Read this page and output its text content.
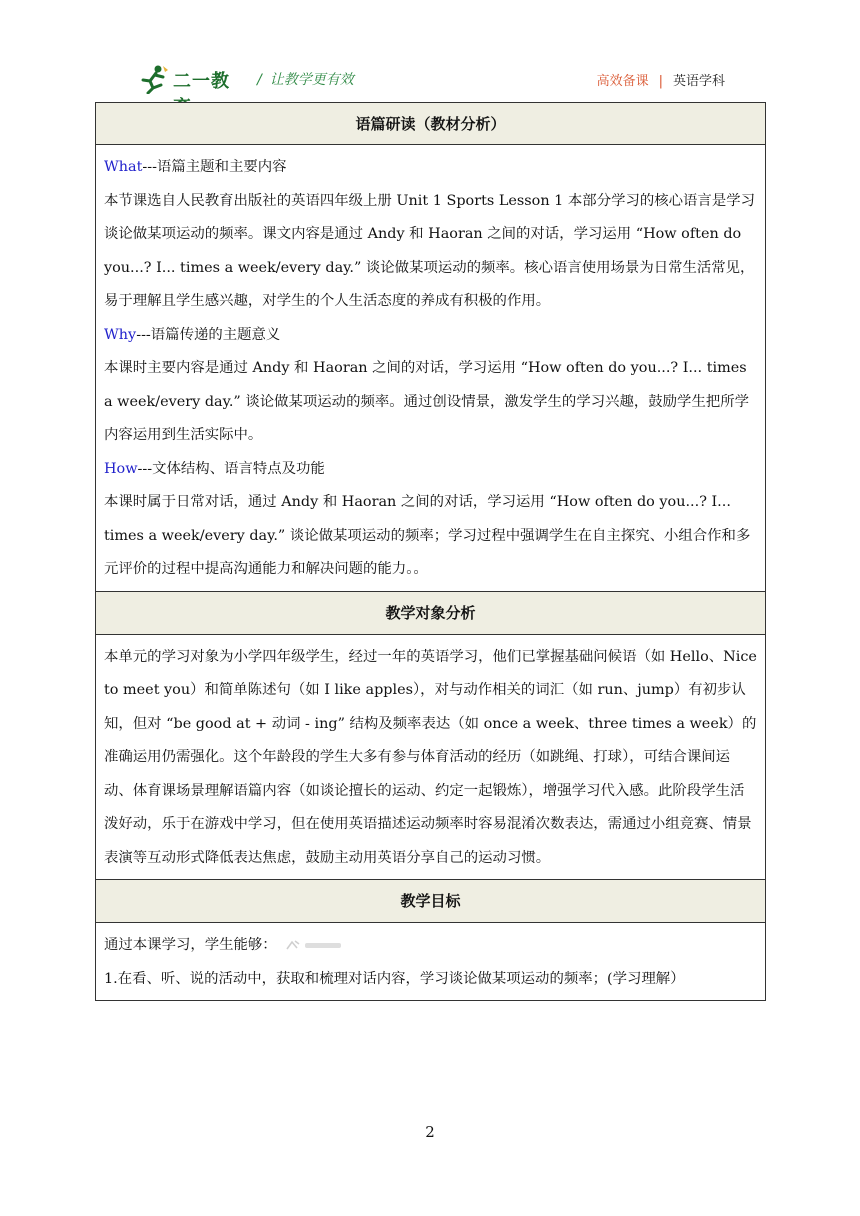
二一教	/ 让教学更有效	高效备课 | 英语学科
语篇研读（教材分析）

What---语篇主题和主要内容

本节课选自人民教育出版社的英语四年级上册 Unit 1 Sports Lesson 1 本部分学习的核心语言是学习谈论做某项运动的频率。课文内容是通过 Andy 和 Haoran 之间的对话，学习运用 “How often do you...? I... times a week/every day.” 谈论做某项运动的频率。核心语言使用场景为日常生活常见，易于理解且学生感兴趣，对学生的个人生活态度的养成有积极的作用。

Why---语篇传递的主题意义

本课时主要内容是通过 Andy 和 Haoran 之间的对话，学习运用 “How often do you...? I... times a week/every day.” 谈论做某项运动的频率。通过创设情景，激发学生的学习兴趣，鼓励学生把所学内容运用到生活实际中。

How---文体结构、语言特点及功能

本课时属于日常对话，通过 Andy 和 Haoran 之间的对话，学习运用 “How often do you...? I... times a week/every day.” 谈论做某项运动的频率；学习过程中强调学生在自主探究、小组合作和多元评价的过程中提高沟通能力和解决问题的能力。。

教学对象分析

本单元的学习对象为小学四年级学生，经过一年的英语学习，他们已掌握基础问候语（如 Hello、Nice to meet you）和简单陈述句（如 I like apples），对与动作相关的词汇（如 run、jump）有初步认知，但对 “be good at + 动词 - ing” 结构及频率表达（如 once a week、three times a week）的准确运用仍需强化。这个年龄段的学生大多有参与体育活动的经历（如跳绳、打球），可结合课间运动、体育课场景理解语篇内容（如谈论擅长的运动、约定一起锻炼），增强学习代入感。此阶段学生活泼好动，乐于在游戏中学习，但在使用英语描述运动频率时容易混淆次数表达，需通过小组竞赛、情景表演等互动形式降低表达焦虑，鼓励主动用英语分享自己的运动习惯。

教学目标

通过本课学习，学生能够：

1.在看、听、说的活动中，获取和梳理对话内容，学习谈论做某项运动的频率；(学习理解）

2
